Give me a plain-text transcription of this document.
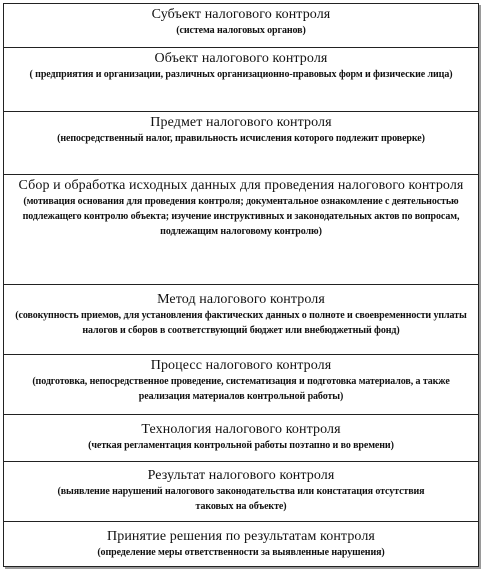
Субъект налогового контроля
(система налоговых органов)
Объект налогового контроля
( предприятия и организации, различных организационно-правовых форм и физические лица)
Предмет налогового контроля
(непосредственный налог, правильность исчисления которого подлежит проверке)
Сбор и обработка исходных данных для проведения налогового контроля
(мотивация основания для проведения контроля; документальное ознакомление с деятельностью подлежащего контролю объекта; изучение инструктивных и законодательных актов по вопросам, подлежащим налоговому контролю)
Метод налогового контроля
(совокупность приемов, для установления фактических данных о полноте и своевременности уплаты налогов и сборов в соответствующий бюджет или внебюджетный фонд)
Процесс налогового контроля
(подготовка, непосредственное проведение, систематизация и подготовка материалов, а также реализация материалов контрольной работы)
Технология налогового контроля
(четкая регламентация контрольной работы поэтапно и во времени)
Результат налогового контроля
(выявление нарушений налогового законодательства или констатация отсутствия таковых на объекте)
Принятие решения по результатам контроля
(определение меры ответственности за выявленные нарушения)
